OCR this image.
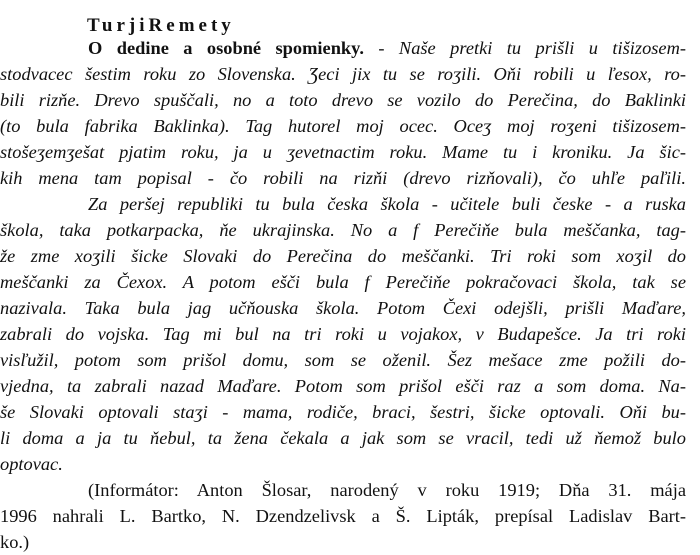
TurjiRemety
O dedine a osobné spomienky. - Naše pretki tu prišli u tišizosem-
stodvacec šestim roku zo Slovenska. Ʒeci jix tu se roʒili. Oňi robili u ľesox, ro-
bili rizňe. Drevo spuščali, no a toto drevo se vozilo do Perečina, do Baklinki
(to bula fabrika Baklinka). Tag hutorel moj ocec. Oceʒ moj roʒeni tišizosem-
stošeʒemʒešat pjatim roku, ja u ʒevetnactim roku. Mame tu i kroniku. Ja šic-
kih mena tam popisal - čo robili na rizňi (drevo rizňovali), čo uhľe paľili.
Za peršej republiki tu bula česka škola - učitele buli česke - a ruska
škola, taka potkarpacka, ňe ukrajinska. No a f Perečiňe bula meščanka, tag-
že zme xoʒili šicke Slovaki do Perečina do meščanki. Tri roki som xoʒil do
meščanki za Čexox. A potom ešči bula f Perečiňe pokračovaci škola, tak se
nazivala. Taka bula jag učňouska škola. Potom Čexi odejšli, prišli Maďare,
zabrali do vojska. Tag mi bul na tri roki u vojakox, v Budapešce. Ja tri roki
visľužil, potom som prišol domu, som se oženil. Šez mešace zme požili do-
vjedna, ta zabrali nazad Maďare. Potom som prišol ešči raz a som doma. Na-
še Slovaki optovali staʒi - mama, rodiče, braci, šestri, šicke optovali. Oňi bu-
li doma a ja tu ňebul, ta žena čekala a jak som se vracil, tedi už ňemož bulo
optovac.
(Informátor: Anton Šlosar, narodený v roku 1919; Dňa 31. mája
1996 nahrali L. Bartko, N. Dzendzelivsk a Š. Lipták, prepísal Ladislav Bart-
ko.)
